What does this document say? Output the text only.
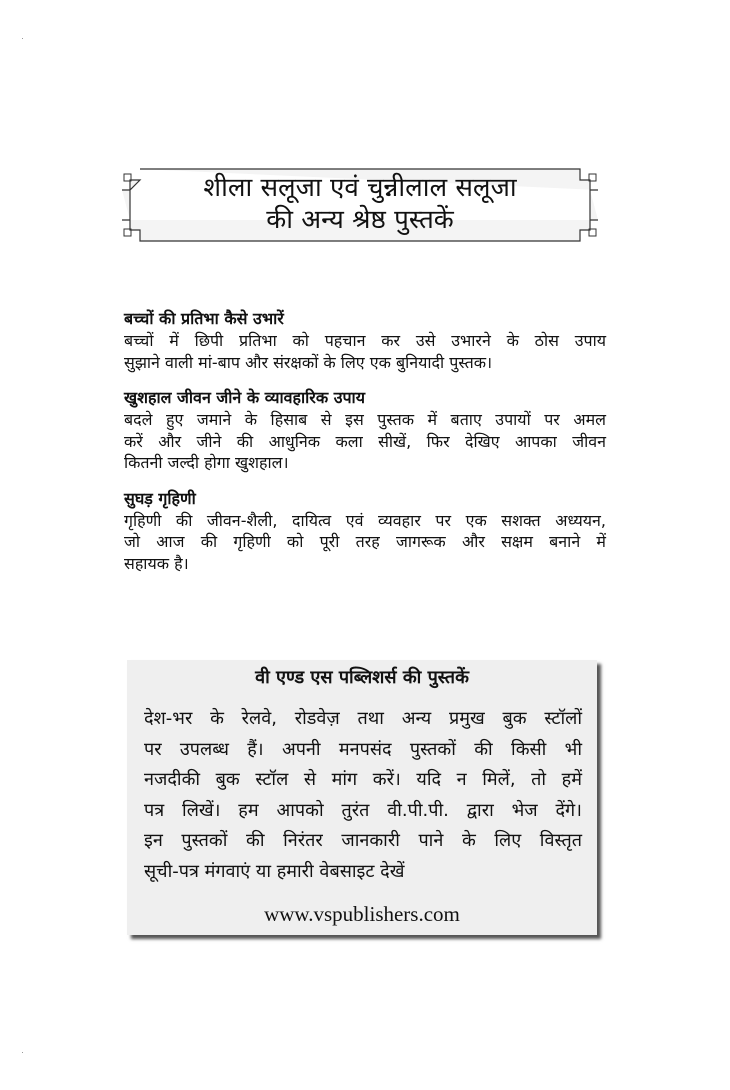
शीला सलूजा एवं चुन्नीलाल सलूजा
की अन्य श्रेष्ठ पुस्तकें
बच्चों की प्रतिभा कैसे उभारें
बच्चों में छिपी प्रतिभा को पहचान कर उसे उभारने के ठोस उपाय
सुझाने वाली मां-बाप और संरक्षकों के लिए एक बुनियादी पुस्तक।
खुशहाल जीवन जीने के व्यावहारिक उपाय
बदले हुए जमाने के हिसाब से इस पुस्तक में बताए उपायों पर अमल
करें और जीने की आधुनिक कला सीखें, फिर देखिए आपका जीवन
कितनी जल्दी होगा खुशहाल।
सुघड़ गृहिणी
गृहिणी की जीवन-शैली, दायित्व एवं व्यवहार पर एक सशक्त अध्ययन,
जो आज की गृहिणी को पूरी तरह जागरूक और सक्षम बनाने में
सहायक है।
वी एण्ड एस पब्लिशर्स की पुस्तकें
देश-भर के रेलवे, रोडवेज़ तथा अन्य प्रमुख बुक स्टॉलों
पर उपलब्ध हैं। अपनी मनपसंद पुस्तकों की किसी भी
नजदीकी बुक स्टॉल से मांग करें। यदि न मिलें, तो हमें
पत्र लिखें। हम आपको तुरंत वी.पी.पी. द्वारा भेज देंगे।
इन पुस्तकों की निरंतर जानकारी पाने के लिए विस्तृत
सूची-पत्र मंगवाएं या हमारी वेबसाइट देखें
www.vspublishers.com
